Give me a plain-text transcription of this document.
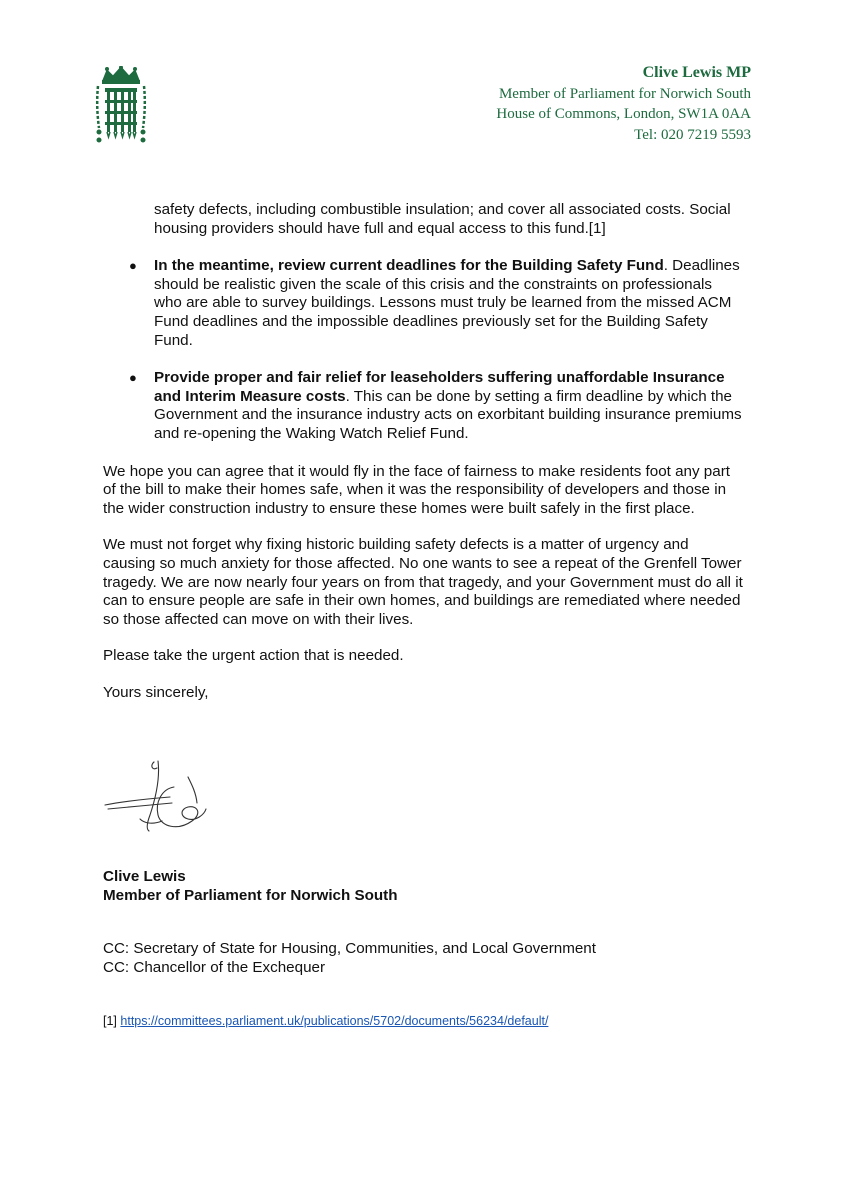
Clive Lewis MP
Member of Parliament for Norwich South
House of Commons, London, SW1A 0AA
Tel: 020 7219 5593

safety defects, including combustible insulation; and cover all associated costs. Social housing providers should have full and equal access to this fund.[1]

● In the meantime, review current deadlines for the Building Safety Fund. Deadlines should be realistic given the scale of this crisis and the constraints on professionals who are able to survey buildings. Lessons must truly be learned from the missed ACM Fund deadlines and the impossible deadlines previously set for the Building Safety Fund.
● Provide proper and fair relief for leaseholders suffering unaffordable Insurance and Interim Measure costs. This can be done by setting a firm deadline by which the Government and the insurance industry acts on exorbitant building insurance premiums and re-opening the Waking Watch Relief Fund.

We hope you can agree that it would fly in the face of fairness to make residents foot any part of the bill to make their homes safe, when it was the responsibility of developers and those in the wider construction industry to ensure these homes were built safely in the first place.

We must not forget why fixing historic building safety defects is a matter of urgency and causing so much anxiety for those affected. No one wants to see a repeat of the Grenfell Tower tragedy. We are now nearly four years on from that tragedy, and your Government must do all it can to ensure people are safe in their own homes, and buildings are remediated where needed so those affected can move on with their lives.

Please take the urgent action that is needed.

Yours sincerely,

Clive Lewis
Member of Parliament for Norwich South
CC: Secretary of State for Housing, Communities, and Local Government
CC: Chancellor of the Exchequer
[1] https://committees.parliament.uk/publications/5702/documents/56234/default/
